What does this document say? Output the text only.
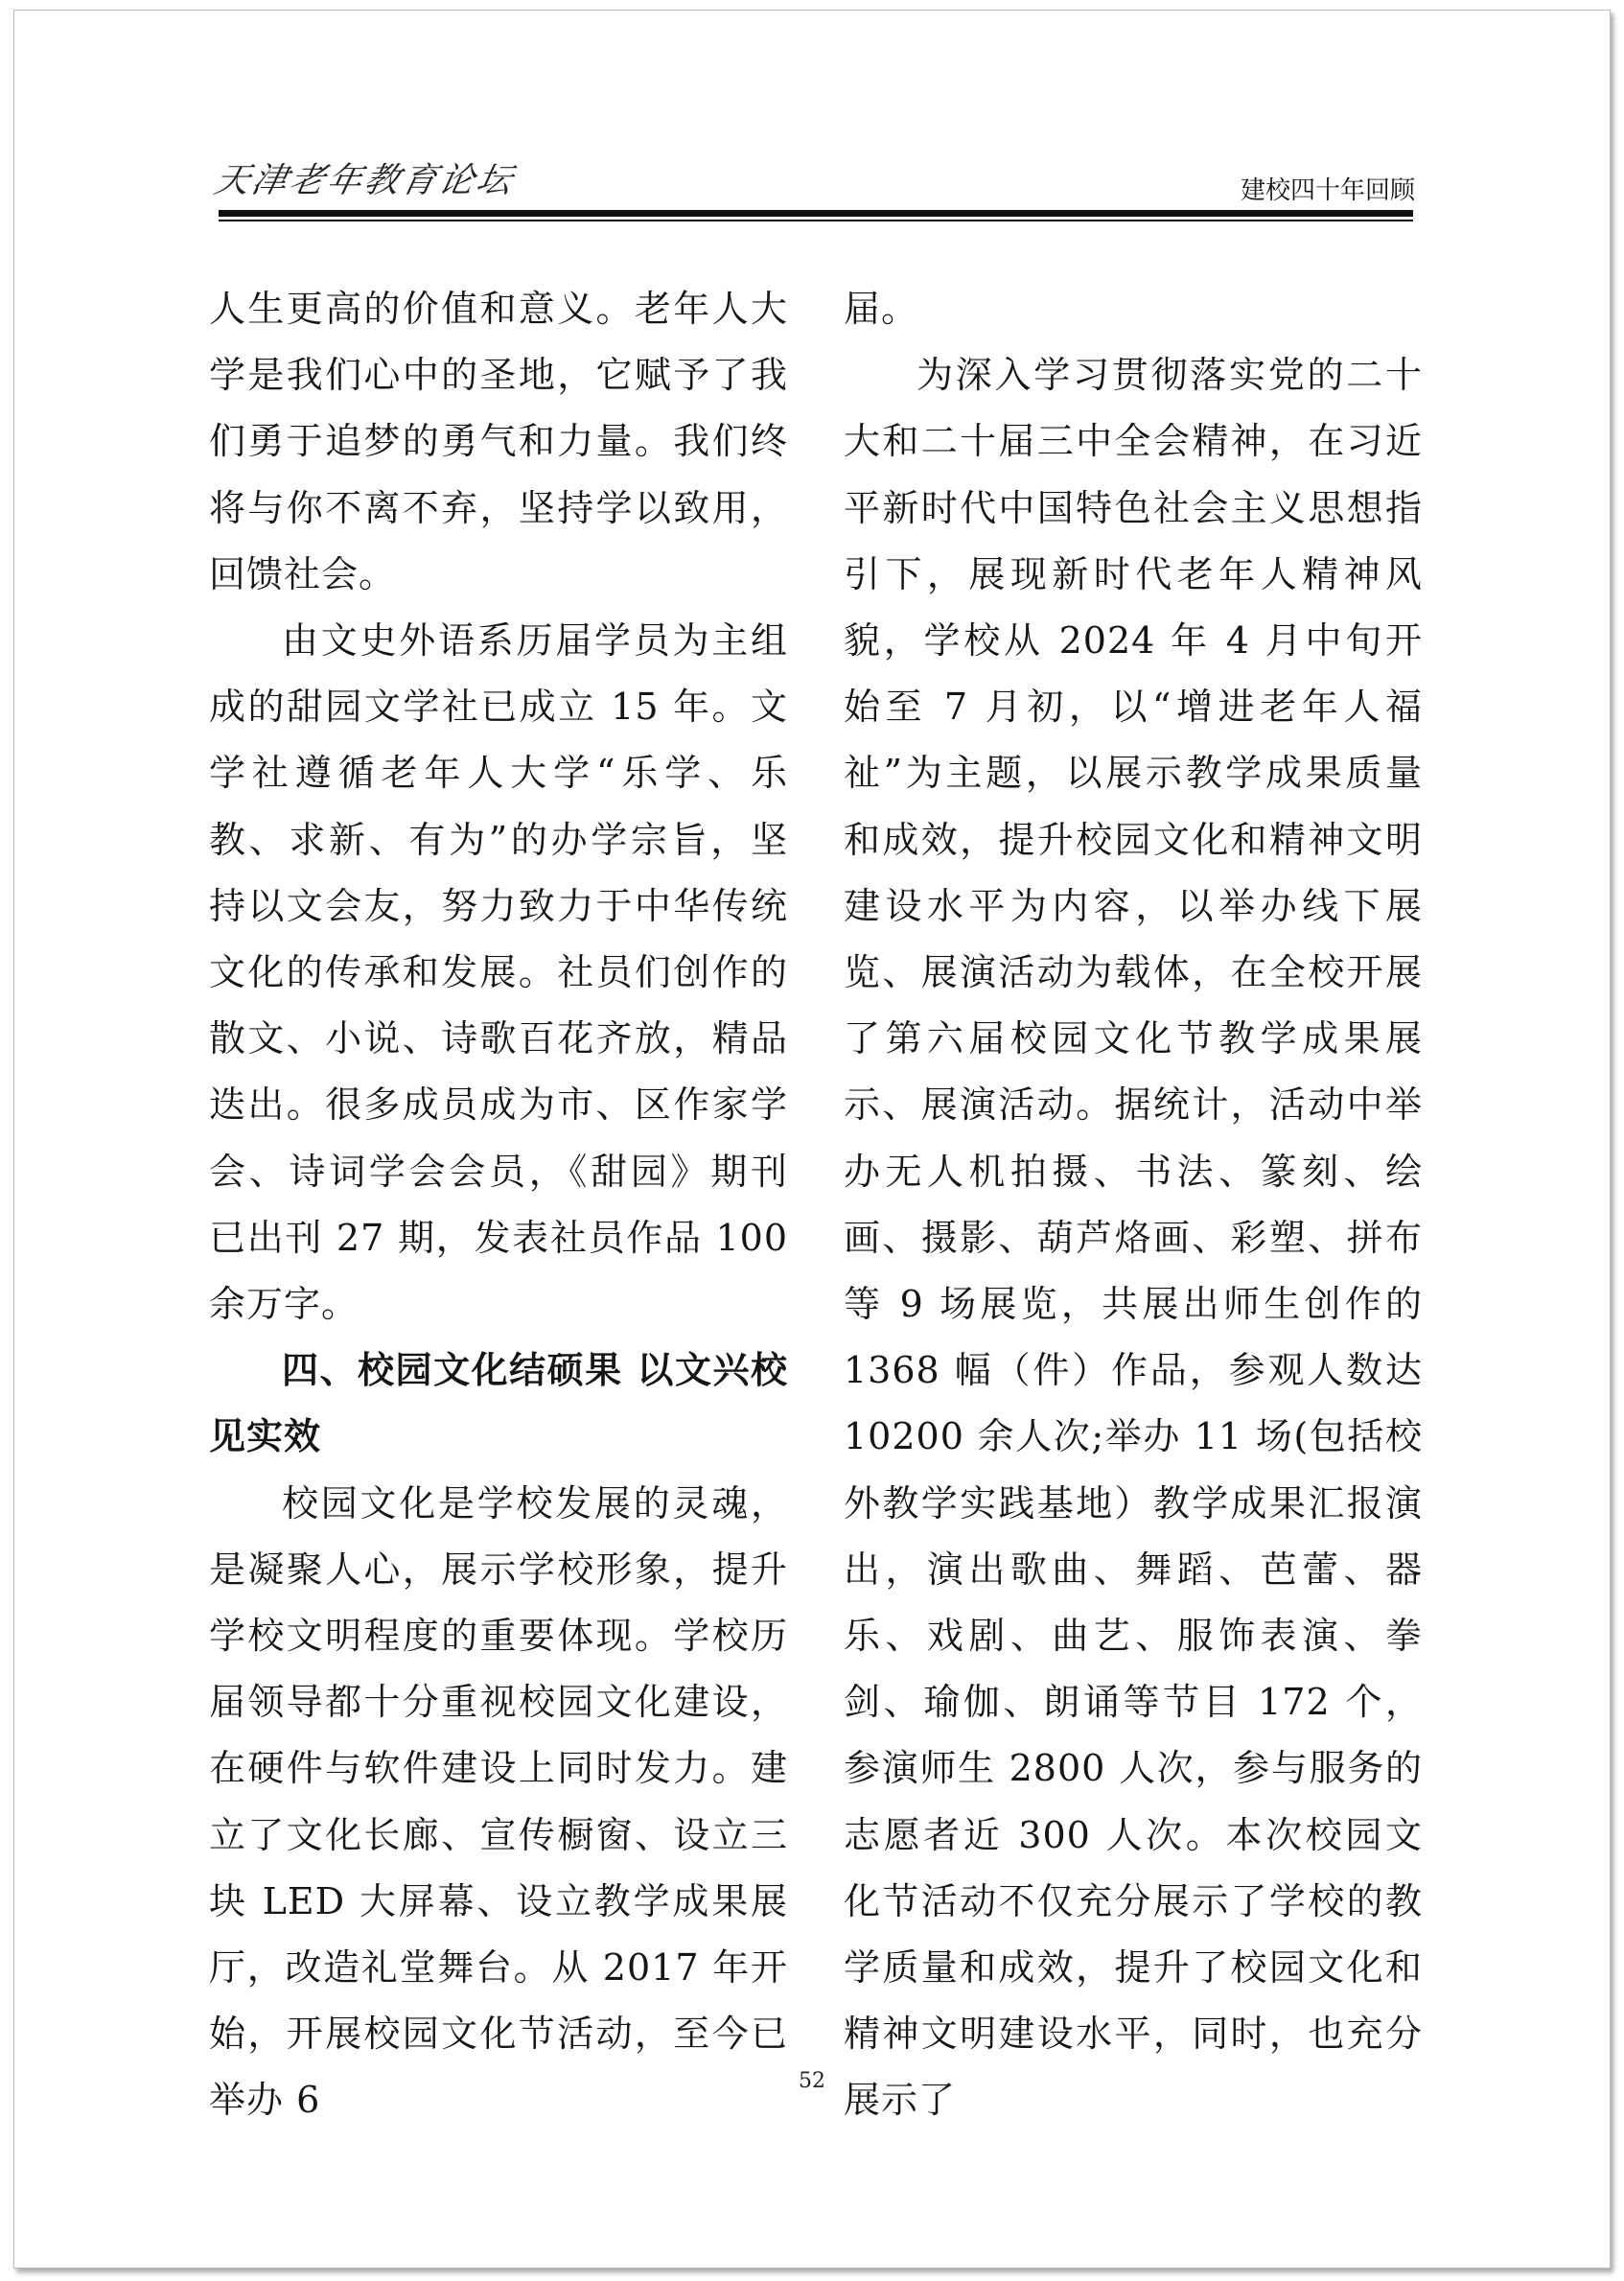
天津老年教育论坛	建校四十年回顾

人生更高的价值和意义。老年人大学是我们心中的圣地，它赋予了我们勇于追梦的勇气和力量。我们终将与你不离不弃，坚持学以致用，回馈社会。

由文史外语系历届学员为主组成的甜园文学社已成立 15 年。文学社遵循老年人大学“乐学、乐教、求新、有为”的办学宗旨，坚持以文会友，努力致力于中华传统文化的传承和发展。社员们创作的散文、小说、诗歌百花齐放，精品迭出。很多成员成为市、区作家学会、诗词学会会员，《甜园》期刊已出刊 27 期，发表社员作品 100 余万字。

四、校园文化结硕果 以文兴校见实效

校园文化是学校发展的灵魂，是凝聚人心，展示学校形象，提升学校文明程度的重要体现。学校历届领导都十分重视校园文化建设，在硬件与软件建设上同时发力。建立了文化长廊、宣传橱窗、设立三块 LED 大屏幕、设立教学成果展厅，改造礼堂舞台。从 2017 年开始，开展校园文化节活动，至今已举办 6

届。

为深入学习贯彻落实党的二十大和二十届三中全会精神，在习近平新时代中国特色社会主义思想指引下，展现新时代老年人精神风貌，学校从 2024 年 4 月中旬开始至 7 月初，以“增进老年人福祉”为主题，以展示教学成果质量和成效，提升校园文化和精神文明建设水平为内容，以举办线下展览、展演活动为载体，在全校开展了第六届校园文化节教学成果展示、展演活动。据统计，活动中举办无人机拍摄、书法、篆刻、绘画、摄影、葫芦烙画、彩塑、拼布等 9 场展览，共展出师生创作的 1368 幅（件）作品，参观人数达 10200 余人次;举办 11 场(包括校外教学实践基地）教学成果汇报演出，演出歌曲、舞蹈、芭蕾、器乐、戏剧、曲艺、服饰表演、拳剑、瑜伽、朗诵等节目 172 个，参演师生 2800 人次，参与服务的志愿者近 300 人次。本次校园文化节活动不仅充分展示了学校的教学质量和成效，提升了校园文化和精神文明建设水平，同时，也充分展示了

52
